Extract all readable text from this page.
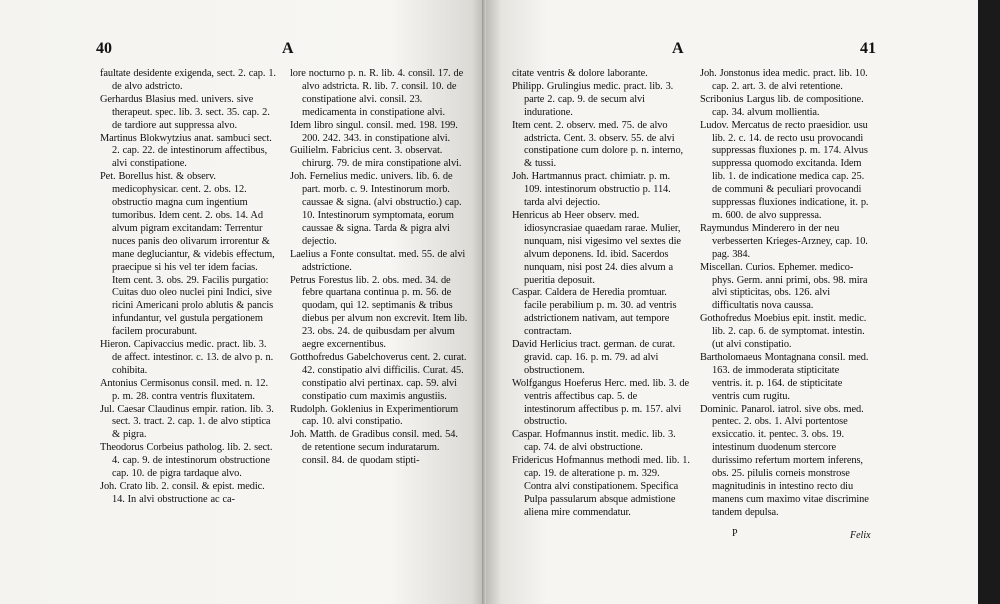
40	A

faultate desidente exigenda, sect. 2. cap. 1. de alvo adstricto.

Gerhardus Blasius med. univers. sive therapeut. spec. lib. 3. sect. 35. cap. 2. de tardiore aut suppressa alvo.

Martinus Blokwytzius anat. sambuci sect. 2. cap. 22. de intestinorum affectibus, alvi constipatione.

Pet. Borellus hist. & observ. medicophysicar. cent. 2. obs. 12. obstructio magna cum ingentium tumoribus. Idem cent. 2. obs. 14. Ad alvum pigram excitandam: Terrentur nuces panis deo olivarum irrorentur & mane degluciantur, & videbis effectum, praecipue si his vel ter idem facias. Item cent. 3. obs. 29. Facilis purgatio: Cuitas duo oleo nuclei pini Indici, sive ricini Americani prolo ablutis & pancis infundantur, vel gustula pergationem facilem procurabunt.

Hieron. Capivaccius medic. pract. lib. 3. de affect. intestinor. c. 13. de alvo p. n. cohibita.

Antonius Cermisonus consil. med. n. 12. p. m. 28. contra ventris fluxitatem.

Jul. Caesar Claudinus empir. ration. lib. 3. sect. 3. tract. 2. cap. 1. de alvo stiptica & pigra.

Theodorus Corbeius patholog. lib. 2. sect. 4. cap. 9. de intestinorum obstructione cap. 10. de pigra tardaque alvo.

Joh. Crato lib. 2. consil. & epist. medic. 14. In alvi obstructione ac ca-

lore nocturno p. n. R. lib. 4. consil. 17. de alvo adstricta. R. lib. 7. consil. 10. de constipatione alvi. consil. 23. medicamenta in constipatione alvi.

Idem libro singul. consil. med. 198. 199. 200. 242. 343. in constipatione alvi.

Guilielm. Fabricius cent. 3. observat. chirurg. 79. de mira constipatione alvi.

Joh. Fernelius medic. univers. lib. 6. de part. morb. c. 9. Intestinorum morb. caussae & signa. (alvi obstructio.) cap. 10. Intestinorum symptomata, eorum caussae & signa. Tarda & pigra alvi dejectio.

Laelius a Fonte consultat. med. 55. de alvi adstrictione.

Petrus Forestus lib. 2. obs. med. 34. de febre quartana continua p. m. 56. de quodam, qui 12. septimanis & tribus diebus per alvum non excrevit. Item lib. 23. obs. 24. de quibusdam per alvum aegre excernentibus.

Gotthofredus Gabelchoverus cent. 2. curat. 42. constipatio alvi difficilis. Curat. 45. constipatio alvi pertinax. cap. 59. alvi constipatio cum maximis angustiis.

Rudolph. Goklenius in Experimentiorum cap. 10. alvi constipatio.

Joh. Matth. de Gradibus consil. med. 54. de retentione secum induratarum. consil. 84. de quodam stipti-

A	41

citate ventris & dolore laborante.

Philipp. Grulingius medic. pract. lib. 3. parte 2. cap. 9. de secum alvi induratione.

Item cent. 2. observ. med. 75. de alvo adstricta. Cent. 3. observ. 55. de alvi constipatione cum dolore p. n. interno, & tussi.

Joh. Hartmannus pract. chimiatr. p. m. 109. intestinorum obstructio p. 114. tarda alvi dejectio.

Henricus ab Heer observ. med. idiosyncrasiae quaedam rarae. Mulier, nunquam, nisi vigesimo vel sextes die alvum deponens. Id. ibid. Sacerdos nunquam, nisi post 24. dies alvum a pueritia deposuit.

Caspar. Caldera de Heredia promtuar. facile perabilium p. m. 30. ad ventris adstrictionem nativam, aut tempore contractam.

David Herlicius tract. german. de curat. gravid. cap. 16. p. m. 79. ad alvi obstructionem.

Wolfgangus Hoeferus Herc. med. lib. 3. de ventris affectibus cap. 5. de intestinorum affectibus p. m. 157. alvi obstructio.

Caspar. Hofmannus instit. medic. lib. 3. cap. 74. de alvi obstructione.

Fridericus Hofmannus methodi med. lib. 1. cap. 19. de alteratione p. m. 329. Contra alvi constipationem. Specifica Pulpa passularum absque admistione aliena mire commendatur.

Joh. Jonstonus idea medic. pract. lib. 10. cap. 2. art. 3. de alvi retentione.

Scribonius Largus lib. de compositione. cap. 34. alvum mollientia.

Ludov. Mercatus de recto praesidior. usu lib. 2. c. 14. de recto usu provocandi suppressas fluxiones p. m. 174. Alvus suppressa quomodo excitanda. Idem lib. 1. de indicatione medica cap. 25. de communi & peculiari provocandi suppressas fluxiones indicatione, it. p. m. 600. de alvo suppressa.

Raymundus Minderero in der neu verbesserten Krieges-Arzney, cap. 10. pag. 384.

Miscellan. Curios. Ephemer. medico-phys. Germ. anni primi, obs. 98. mira alvi stipticitas, obs. 126. alvi difficultatis nova caussa.

Gothofredus Moebius epit. instit. medic. lib. 2. cap. 6. de symptomat. intestin. (ut alvi constipatio.

Bartholomaeus Montagnana consil. med. 163. de immoderata stipticitate ventris. it. p. 164. de stipticitate ventris cum rugitu.

Dominic. Panarol. iatrol. sive obs. med. pentec. 2. obs. 1. Alvi portentose exsiccatio. it. pentec. 3. obs. 19. intestinum duodenum stercore durissimo refertum mortem inferens, obs. 25. pilulis corneis monstrose magnitudinis in intestino recto diu manens cum maximo vitae discrimine tandem depulsa.

P	Felix
